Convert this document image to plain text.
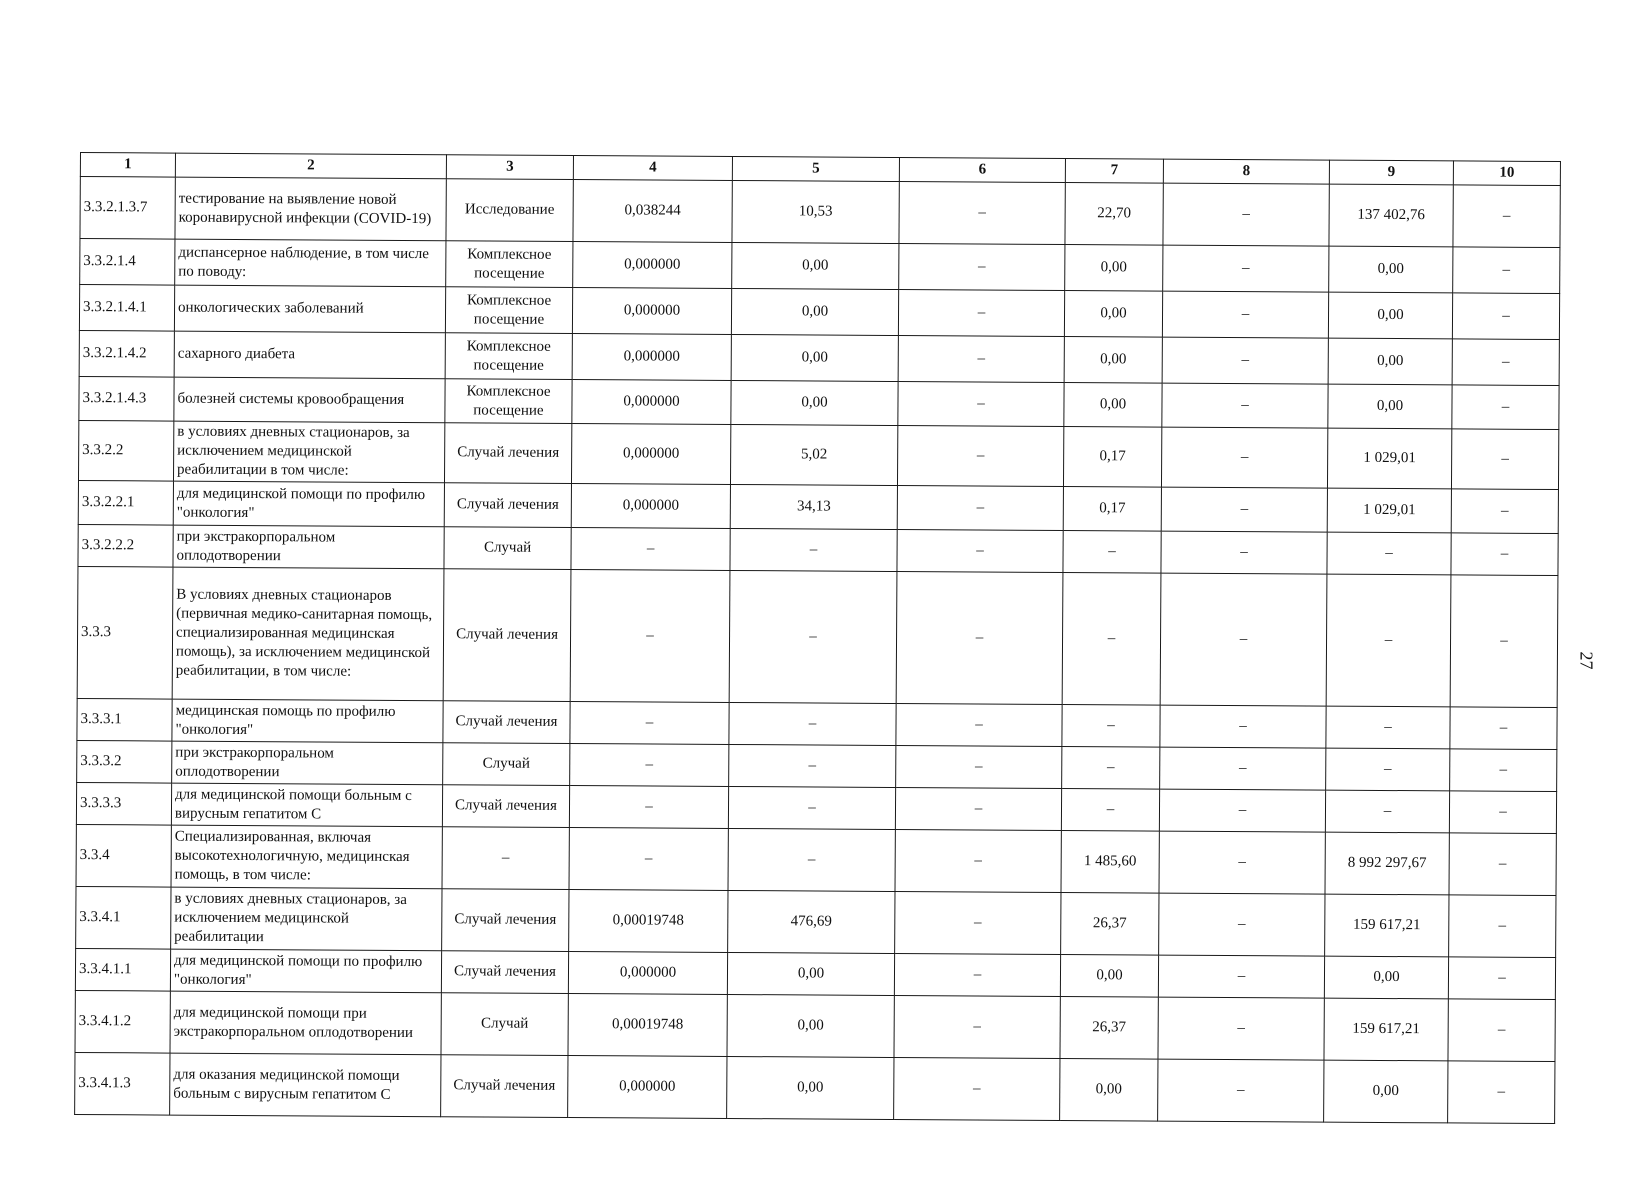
1	2	3	4	5	6	7	8	9	10
3.3.2.1.3.7	тестирование на выявление новой коронавирусной инфекции (COVID-19)	Исследование	0,038244	10,53	–	22,70	–	137 402,76	–
3.3.2.1.4	диспансерное наблюдение, в том числе по поводу:	Комплексное посещение	0,000000	0,00	–	0,00	–	0,00	–
3.3.2.1.4.1	онкологических заболеваний	Комплексное посещение	0,000000	0,00	–	0,00	–	0,00	–
3.3.2.1.4.2	сахарного диабета	Комплексное посещение	0,000000	0,00	–	0,00	–	0,00	–
3.3.2.1.4.3	болезней системы кровообращения	Комплексное посещение	0,000000	0,00	–	0,00	–	0,00	–
3.3.2.2	в условиях дневных стационаров, за исключением медицинской реабилитации в том числе:	Случай лечения	0,000000	5,02	–	0,17	–	1 029,01	–
3.3.2.2.1	для медицинской помощи по профилю "онкология"	Случай лечения	0,000000	34,13	–	0,17	–	1 029,01	–
3.3.2.2.2	при экстракорпоральном оплодотворении	Случай	–	–	–	–	–	–	–
3.3.3	В условиях дневных стационаров (первичная медико-санитарная помощь, специализированная медицинская помощь), за исключением медицинской реабилитации, в том числе:	Случай лечения	–	–	–	–	–	–	–
3.3.3.1	медицинская помощь по профилю "онкология"	Случай лечения	–	–	–	–	–	–	–
3.3.3.2	при экстракорпоральном оплодотворении	Случай	–	–	–	–	–	–	–
3.3.3.3	для медицинской помощи больным с вирусным гепатитом С	Случай лечения	–	–	–	–	–	–	–
3.3.4	Специализированная, включая высокотехнологичную, медицинская помощь, в том числе:	–	–	–	–	1 485,60	–	8 992 297,67	–
3.3.4.1	в условиях дневных стационаров, за исключением медицинской реабилитации	Случай лечения	0,00019748	476,69	–	26,37	–	159 617,21	–
3.3.4.1.1	для медицинской помощи по профилю "онкология"	Случай лечения	0,000000	0,00	–	0,00	–	0,00	–
3.3.4.1.2	для медицинской помощи при экстракорпоральном оплодотворении	Случай	0,00019748	0,00	–	26,37	–	159 617,21	–
3.3.4.1.3	для оказания медицинской помощи больным с вирусным гепатитом С	Случай лечения	0,000000	0,00	–	0,00	–	0,00	–
27
